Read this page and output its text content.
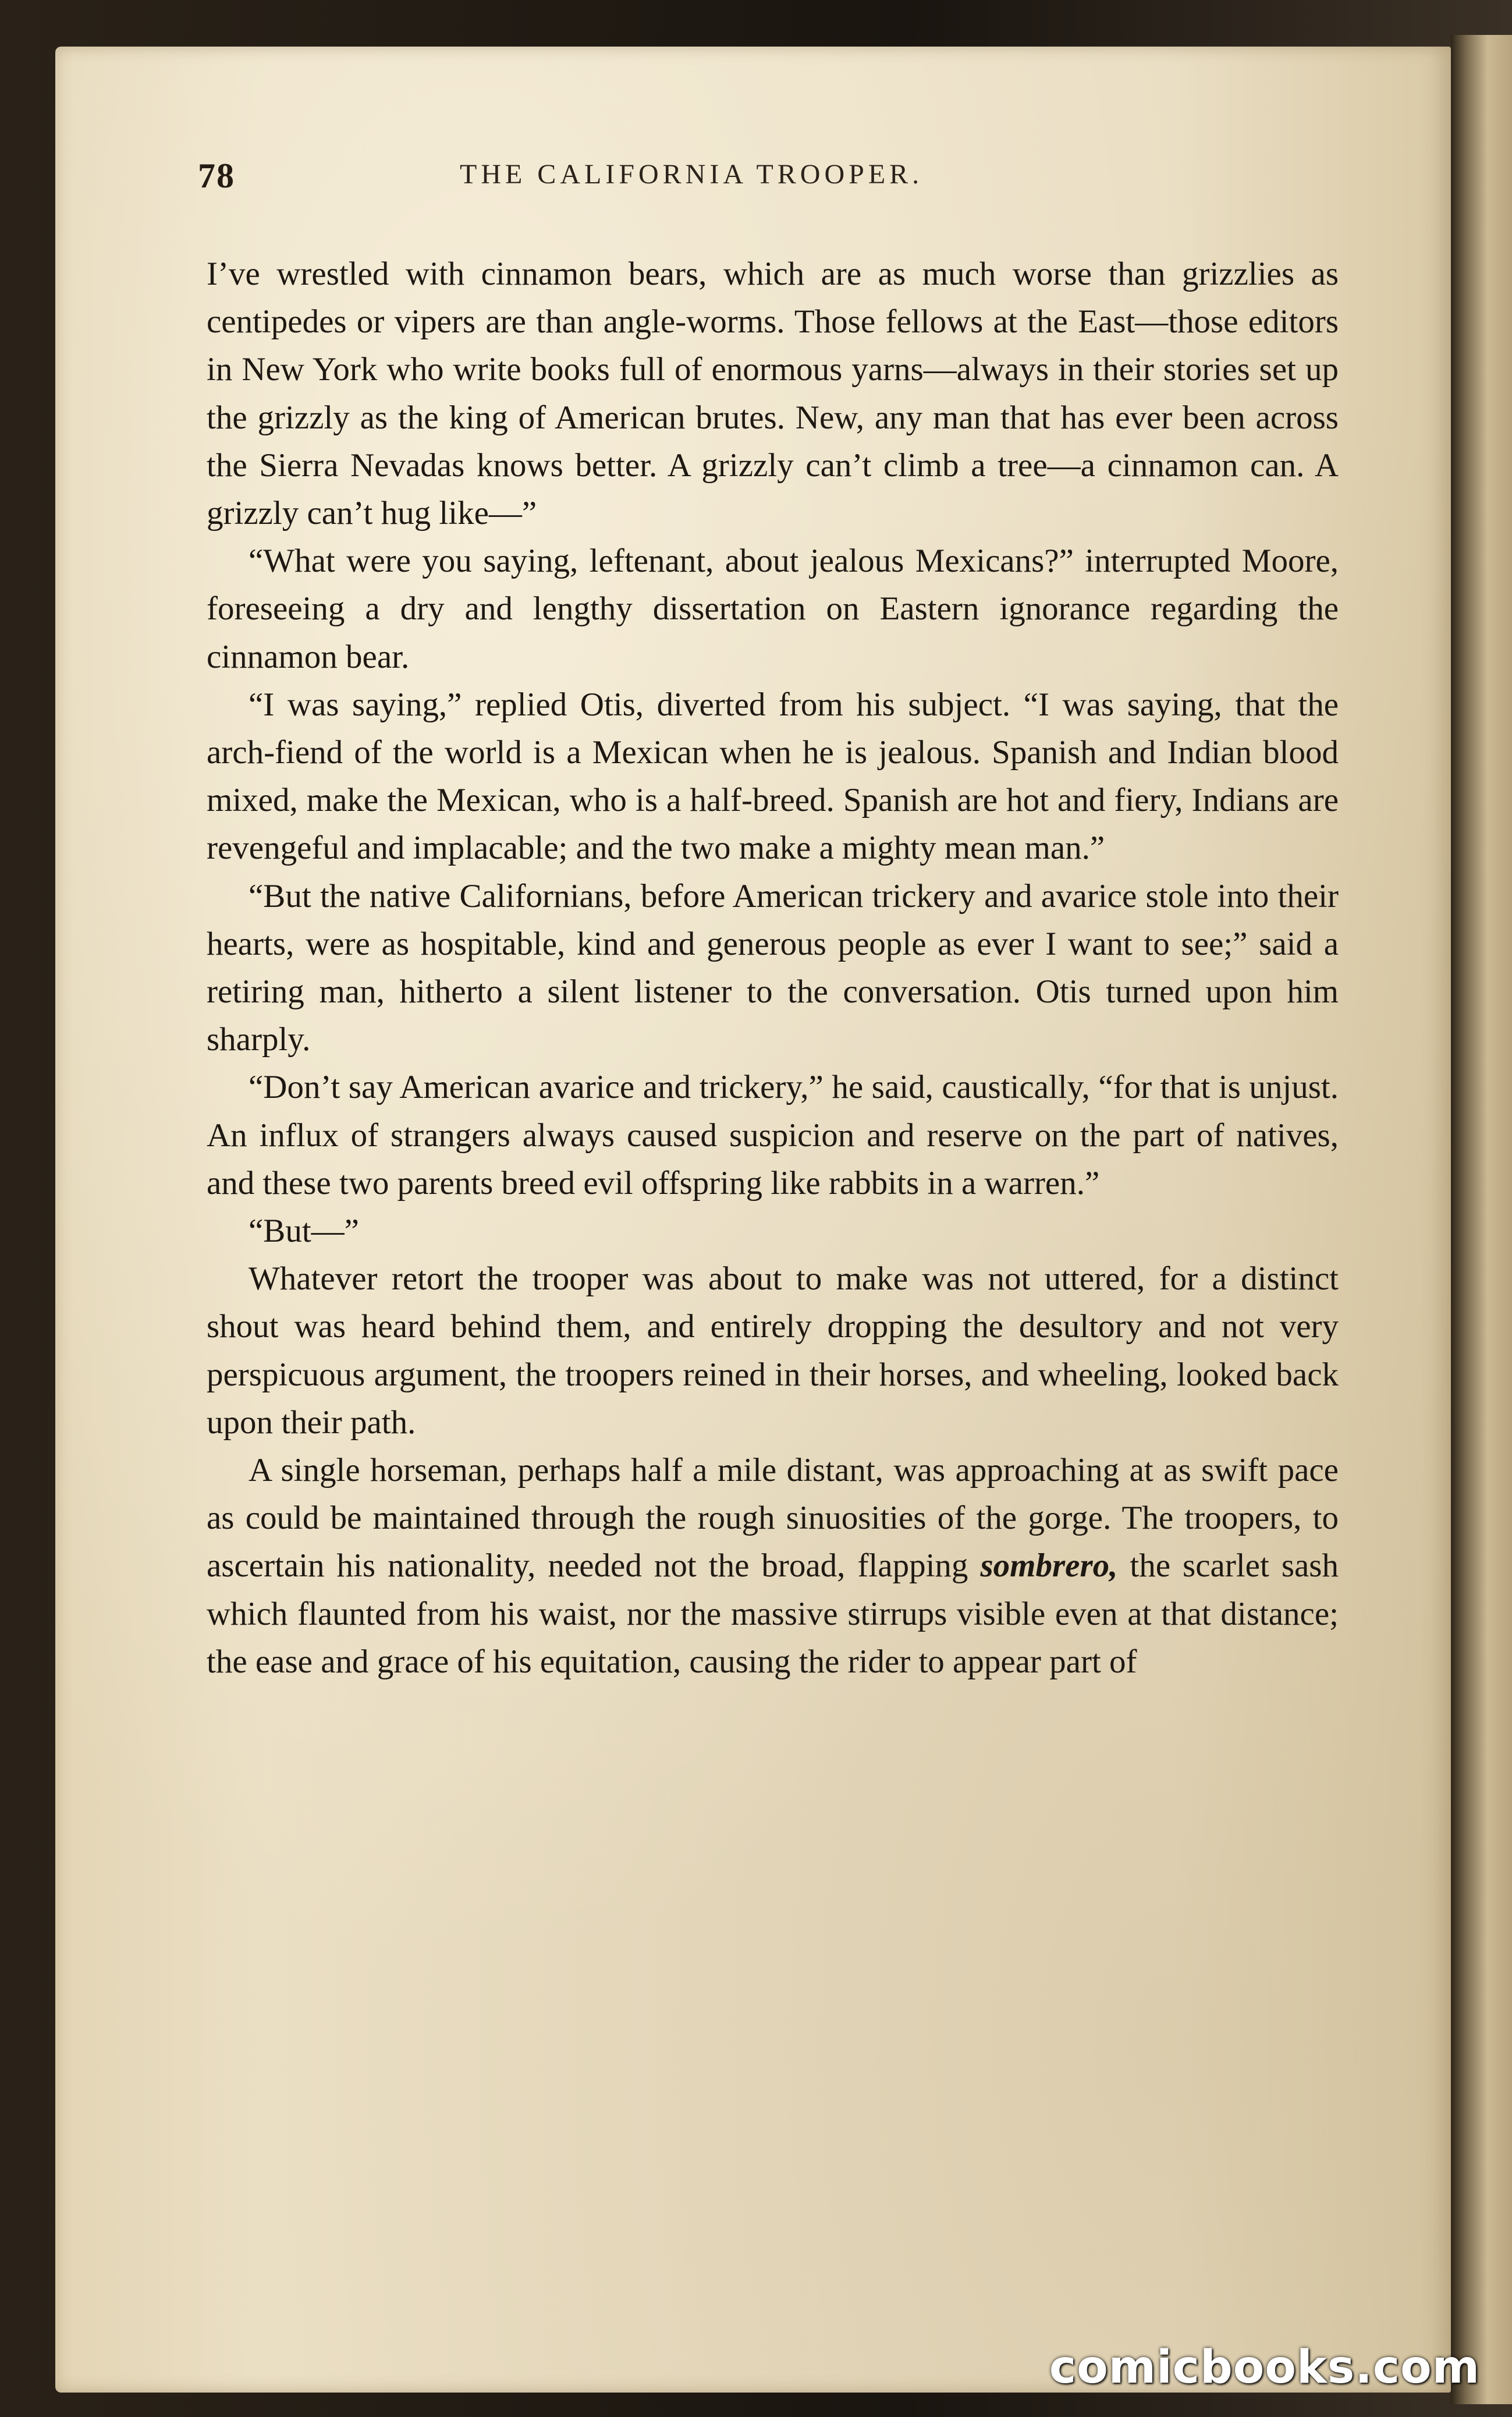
78	THE CALIFORNIA TROOPER.

I’ve wrestled with cinnamon bears, which are as much worse than grizzlies as centipedes or vipers are than angle-worms. Those fellows at the East—those editors in New York who write books full of enormous yarns—always in their stories set up the grizzly as the king of American brutes. New, any man that has ever been across the Sierra Nevadas knows better. A grizzly can’t climb a tree—a cinnamon can. A grizzly can’t hug like—”

“What were you saying, leftenant, about jealous Mexicans?” interrupted Moore, foreseeing a dry and lengthy dissertation on Eastern ignorance regarding the cinnamon bear.

“I was saying,” replied Otis, diverted from his subject. “I was saying, that the arch-fiend of the world is a Mexican when he is jealous. Spanish and Indian blood mixed, make the Mexican, who is a half-breed. Spanish are hot and fiery, Indians are revengeful and implacable; and the two make a mighty mean man.”

“But the native Californians, before American trickery and avarice stole into their hearts, were as hospitable, kind and generous people as ever I want to see;” said a retiring man, hitherto a silent listener to the conversation. Otis turned upon him sharply.

“Don’t say American avarice and trickery,” he said, caustically, “for that is unjust. An influx of strangers always caused suspicion and reserve on the part of natives, and these two parents breed evil offspring like rabbits in a warren.”

“But—”

Whatever retort the trooper was about to make was not uttered, for a distinct shout was heard behind them, and entirely dropping the desultory and not very perspicuous argument, the troopers reined in their horses, and wheeling, looked back upon their path.

A single horseman, perhaps half a mile distant, was approaching at as swift pace as could be maintained through the rough sinuosities of the gorge. The troopers, to ascertain his nationality, needed not the broad, flapping sombrero, the scarlet sash which flaunted from his waist, nor the massive stirrups visible even at that distance; the ease and grace of his equitation, causing the rider to appear part of

comicbooks.com
